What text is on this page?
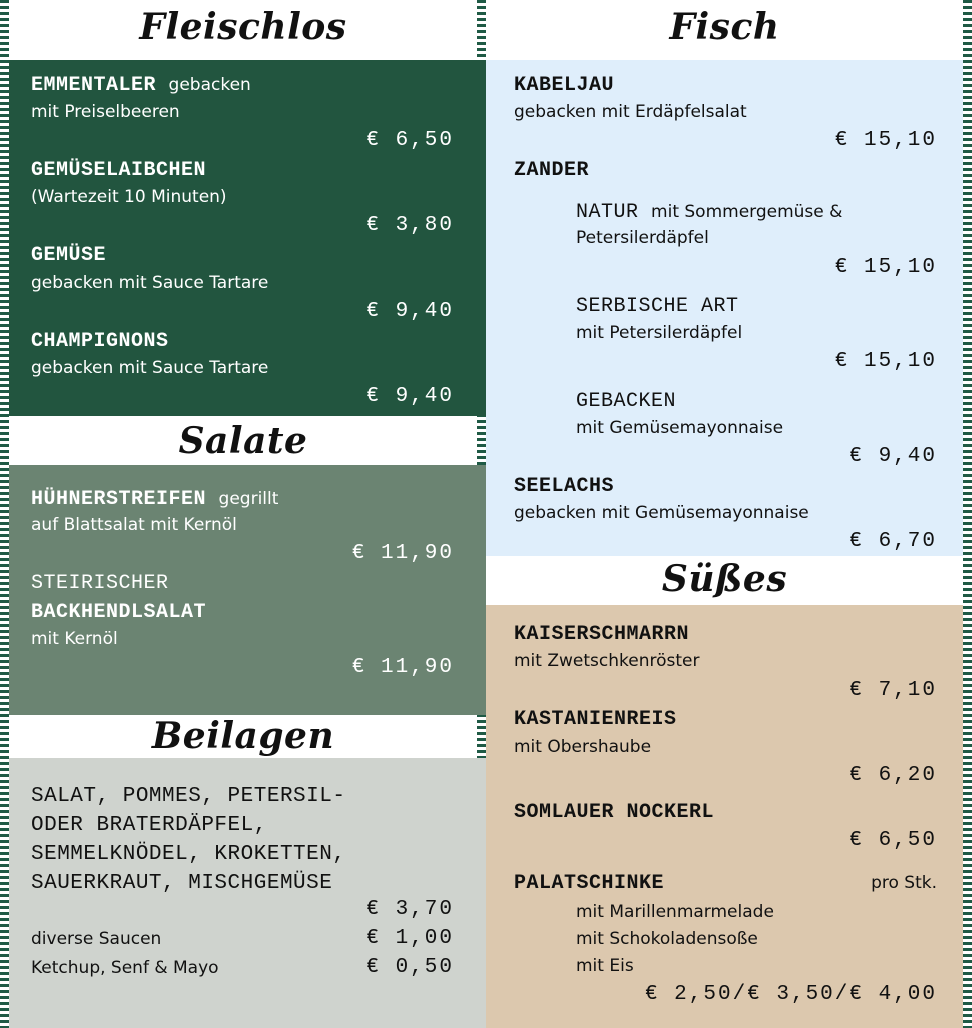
Fleischlos
EMMENTALER gebacken
mit Preiselbeeren
€ 6,50
GEMÜSELAIBCHEN
(Wartezeit 10 Minuten)
€ 3,80
GEMÜSE
gebacken mit Sauce Tartare
€ 9,40
CHAMPIGNONS
gebacken mit Sauce Tartare
€ 9,40
Salate
HÜHNERSTREIFEN gegrillt
auf Blattsalat mit Kernöl
€ 11,90
STEIRISCHER
BACKHENDLSALAT
mit Kernöl
€ 11,90
Beilagen
SALAT, POMMES, PETERSIL-
ODER BRATERDÄPFEL,
SEMMELKNÖDEL, KROKETTEN,
SAUERKRAUT, MISCHGEMÜSE
€ 3,70
diverse Saucen	€ 1,00
Ketchup, Senf & Mayo	€ 0,50
Fisch
KABELJAU
gebacken mit Erdäpfelsalat
€ 15,10
ZANDER
NATUR mit Sommergemüse &
Petersilerdäpfel
€ 15,10
SERBISCHE ART
mit Petersilerdäpfel
€ 15,10
GEBACKEN
mit Gemüsemayonnaise
€ 9,40
SEELACHS
gebacken mit Gemüsemayonnaise
€ 6,70
Süßes
KAISERSCHMARRN
mit Zwetschkenröster
€ 7,10
KASTANIENREIS
mit Obershaube
€ 6,20
SOMLAUER NOCKERL
€ 6,50
PALATSCHINKE	pro Stk.
mit Marillenmarmelade
mit Schokoladensoße
mit Eis
€ 2,50/€ 3,50/€ 4,00
